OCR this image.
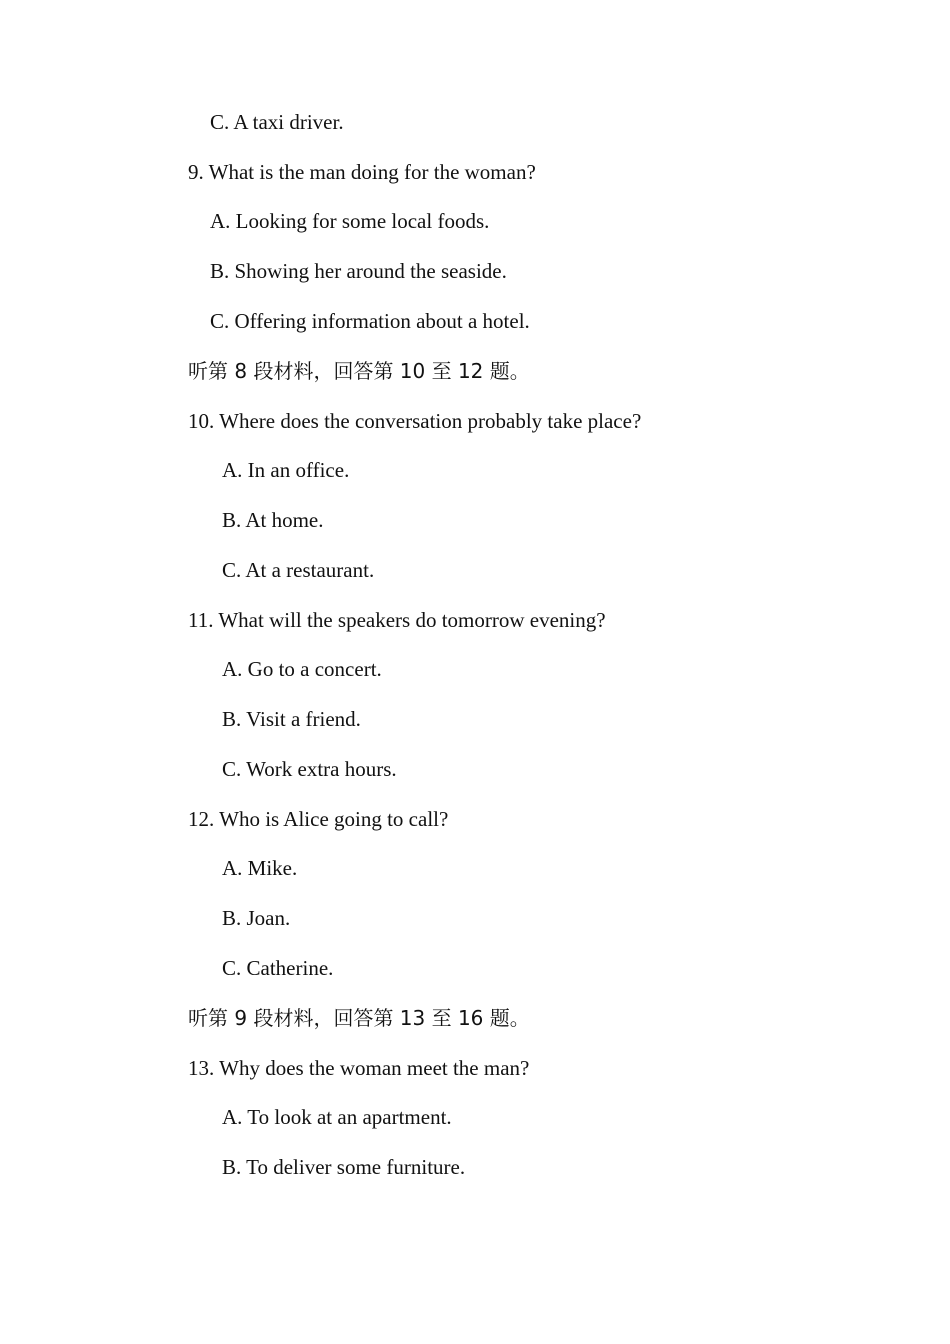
C. A taxi driver.
9. What is the man doing for the woman?
A. Looking for some local foods.
B. Showing her around the seaside.
C. Offering information about a hotel.
听第 8 段材料，回答第 10 至 12 题。
10. Where does the conversation probably take place?
A. In an office.
B. At home.
C. At a restaurant.
11. What will the speakers do tomorrow evening?
A. Go to a concert.
B. Visit a friend.
C. Work extra hours.
12. Who is Alice going to call?
A. Mike.
B. Joan.
C. Catherine.
听第 9 段材料，回答第 13 至 16 题。
13. Why does the woman meet the man?
A. To look at an apartment.
B. To deliver some furniture.
